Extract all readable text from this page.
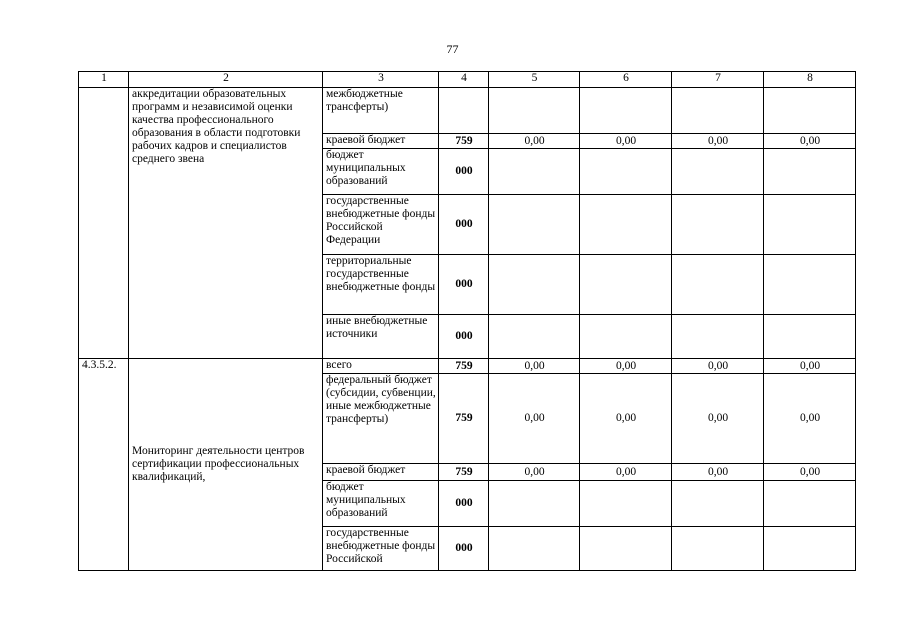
77
1	2	3	4	5	6	7	8
	аккредитации образовательных программ и независимой оценки качества профессионального образования в области подготовки рабочих кадров и специалистов среднего звена	межбюджетные трансферты)					
		краевой бюджет	759	0,00	0,00	0,00	0,00
		бюджет муниципальных образований	000				
		государственные внебюджетные фонды Российской Федерации	000				
		территориальные государственные внебюджетные фонды	000				
		иные внебюджетные источники	000				
4.3.5.2.	Мониторинг деятельности центров сертификации профессиональных квалификаций,	всего	759	0,00	0,00	0,00	0,00
		федеральный бюджет (субсидии, субвенции, иные межбюджетные трансферты)	759	0,00	0,00	0,00	0,00
		краевой бюджет	759	0,00	0,00	0,00	0,00
		бюджет муниципальных образований	000				
		государственные внебюджетные фонды Российской	000				
